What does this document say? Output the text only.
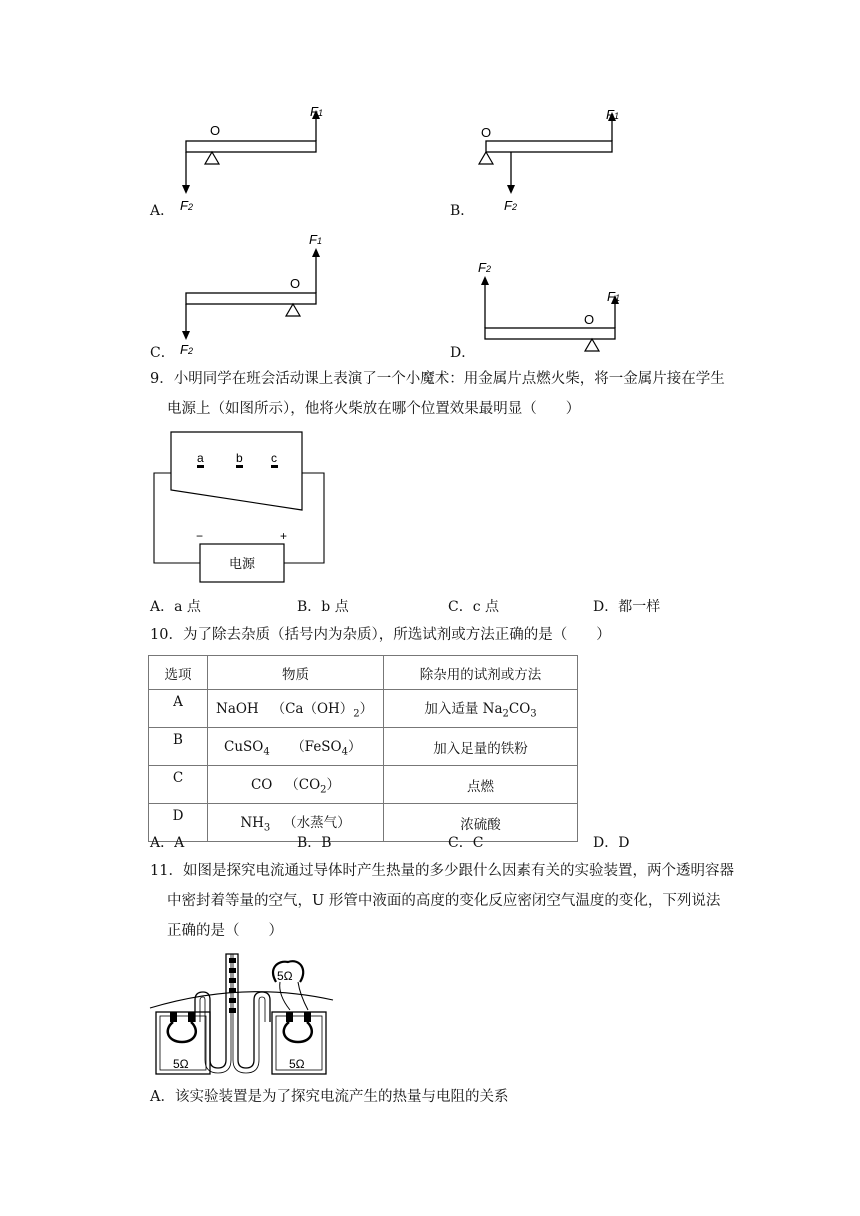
O
F1
F2
A．
O
F1
F2
B．
O
F1
F2
C．
O
F1
F2
D．
9．小明同学在班会活动课上表演了一个小魔术：用金属片点燃火柴，将一金属片接在学生
电源上（如图所示），他将火柴放在哪个位置效果最明显（　　）
a	b c
−	+
电源
A．a 点	B．b 点	C．c 点	D．都一样
10．为了除去杂质（括号内为杂质），所选试剂或方法正确的是（　　）
选项	物质	除杂用的试剂或方法
A	NaOH $(Ca(OH)_2)$	加入适量 $Na_2CO_3$
B	CuSO$_4$ （FeSO$_4$）	加入足量的铁粉
C	CO $(CO_2)$	点燃
D	$NH_3$ （水蒸气）	浓硫酸
A．A	B．B	C．C	D．D
11．如图是探究电流通过导体时产生热量的多少跟什么因素有关的实验装置，两个透明容器
中密封着等量的空气，U 形管中液面的高度的变化反应密闭空气温度的变化，下列说法
正确的是（　　）
5Ω	5Ω
5Ω
A．该实验装置是为了探究电流产生的热量与电阻的关系
